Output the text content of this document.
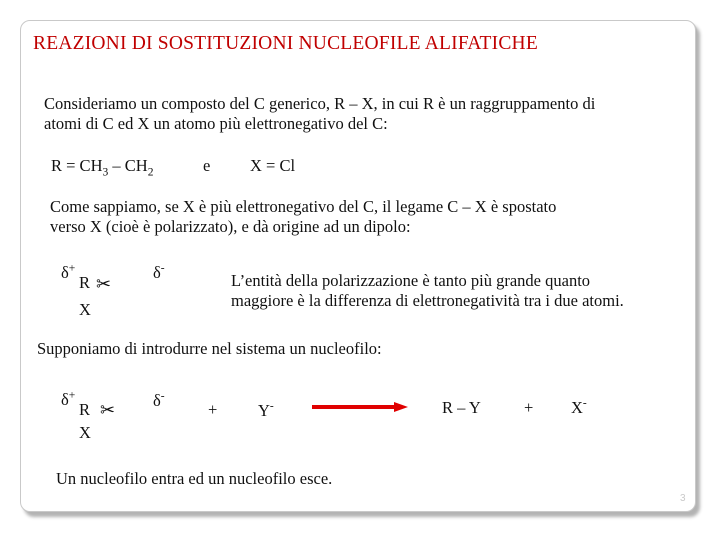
REAZIONI DI SOSTITUZIONI NUCLEOFILE ALIFATICHE
Consideriamo un composto del C generico, R – X, in cui R è un raggruppamento di
atomi di C ed X un atomo più elettronegativo del C:
$R = CH_3 - CH_2$	e X = Cl
Come sappiamo, se X è più elettronegativo del C, il legame C – X è spostato
verso X (cioè è polarizzato), e dà origine ad un dipolo:
δ+
R ✂
X
δ-
L’entità della polarizzazione è tanto più grande quanto
maggiore è la differenza di elettronegatività tra i due atomi.
Supponiamo di introdurre nel sistema un nucleofilo:
δ+
R ✂
X
δ-
+ Y-	R – Y	+ X-
Un nucleofilo entra ed un nucleofilo esce.
3
